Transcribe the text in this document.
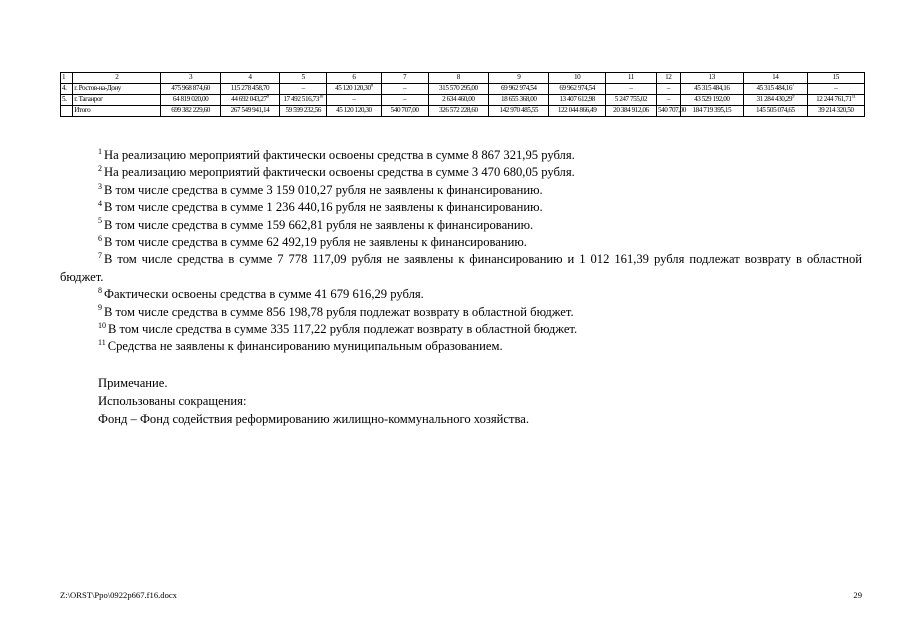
1	2	3	4	5	6	7	8	9	10	11	12	13	14	15
4.	г. Ростов-на-Дону	475 968 874,60	115 278 458,70	–	45 120 120,30$^6$	–	315 570 295,00	69 962 974,54	69 962 974,54	–	–	45 315 484,16	45 315 484,16$^7$	–
5.	г. Таганрог	64 819 020,00	44 692 043,27$^8$	17 492 516,73$^{10}$	–	–	2 634 460,00	18 655 368,00	13 407 612,98	5 247 755,02	–	43 529 192,00	31 284 430,29$^9$	12 244 761,71$^{11}$
	Итого	699 382 229,60	267 549 941,14	59 599 232,56	45 120 120,30	540 707,00	326 572 228,60	142 970 485,55	122 044 866,49	20 384 912,06	540 707,00	184 719 395,15	145 505 074,65	39 214 320,50
$^1$ На реализацию мероприятий фактически освоены средства в сумме 8 867 321,95 рубля.
$^2$ На реализацию мероприятий фактически освоены средства в сумме 3 470 680,05 рубля.
$^3$ В том числе средства в сумме 3 159 010,27 рубля не заявлены к финансированию.
$^4$ В том числе средства в сумме 1 236 440,16 рубля не заявлены к финансированию.
$^5$ В том числе средства в сумме 159 662,81 рубля не заявлены к финансированию.
$^6$ В том числе средства в сумме 62 492,19 рубля не заявлены к финансированию.
$^7$ В том числе средства в сумме 7 778 117,09 рубля не заявлены к финансированию и 1 012 161,39 рубля подлежат возврату в областной бюджет.
$^8$ Фактически освоены средства в сумме 41 679 616,29 рубля.
$^9$ В том числе средства в сумме 856 198,78 рубля подлежат возврату в областной бюджет.
$^{10}$ В том числе средства в сумме 335 117,22 рубля подлежат возврату в областной бюджет.
$^{11}$ Средства не заявлены к финансированию муниципальным образованием.
Примечание.
Использованы сокращения:
Фонд – Фонд содействия реформированию жилищно-коммунального хозяйства.
Z:\ORST\Ppo\0922p667.f16.docx	29
